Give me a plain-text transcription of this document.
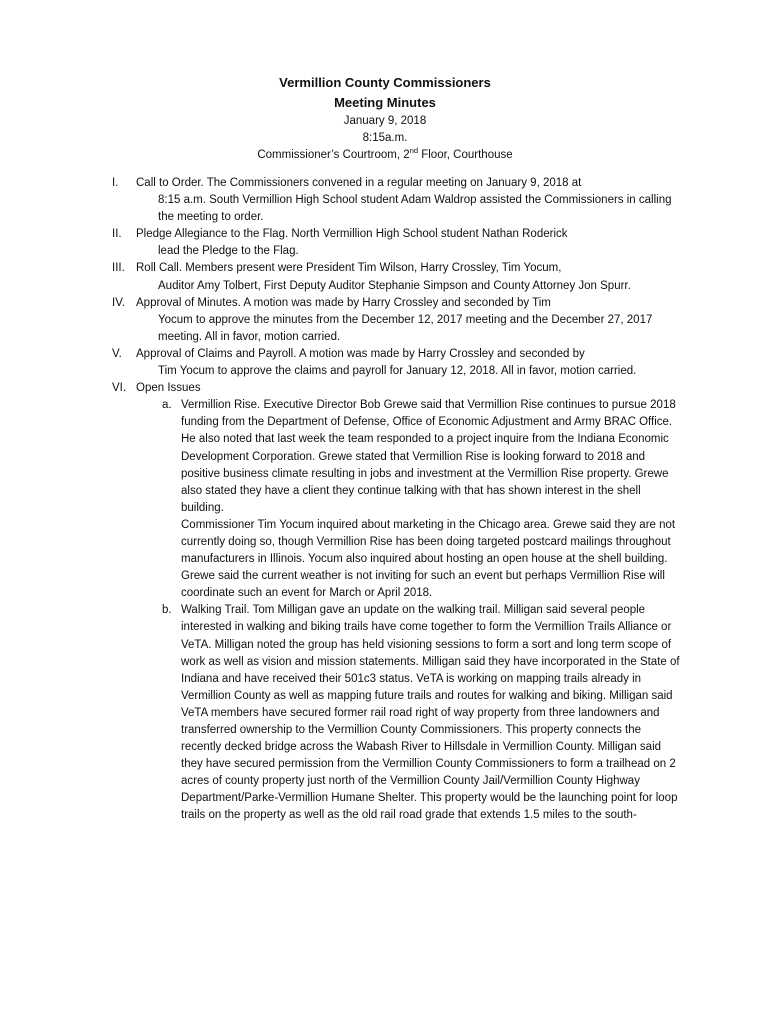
Vermillion County Commissioners
Meeting Minutes
January 9, 2018
8:15a.m.
Commissioner’s Courtroom, 2nd Floor, Courthouse
I. Call to Order. The Commissioners convened in a regular meeting on January 9, 2018 at
8:15 a.m. South Vermillion High School student Adam Waldrop assisted the Commissioners in calling the meeting to order.
II. Pledge Allegiance to the Flag. North Vermillion High School student Nathan Roderick
lead the Pledge to the Flag.
III. Roll Call. Members present were President Tim Wilson, Harry Crossley, Tim Yocum,
Auditor Amy Tolbert, First Deputy Auditor Stephanie Simpson and County Attorney Jon Spurr.
IV. Approval of Minutes. A motion was made by Harry Crossley and seconded by Tim
Yocum to approve the minutes from the December 12, 2017 meeting and the December 27, 2017 meeting. All in favor, motion carried.
V. Approval of Claims and Payroll. A motion was made by Harry Crossley and seconded by
Tim Yocum to approve the claims and payroll for January 12, 2018. All in favor, motion carried.
VI. Open Issues
a. Vermillion Rise. Executive Director Bob Grewe said that Vermillion Rise continues to pursue 2018 funding from the Department of Defense, Office of Economic Adjustment and Army BRAC Office. He also noted that last week the team responded to a project inquire from the Indiana Economic Development Corporation. Grewe stated that Vermillion Rise is looking forward to 2018 and positive business climate resulting in jobs and investment at the Vermillion Rise property. Grewe also stated they have a client they continue talking with that has shown interest in the shell building.
Commissioner Tim Yocum inquired about marketing in the Chicago area. Grewe said they are not currently doing so, though Vermillion Rise has been doing targeted postcard mailings throughout manufacturers in Illinois. Yocum also inquired about hosting an open house at the shell building. Grewe said the current weather is not inviting for such an event but perhaps Vermillion Rise will coordinate such an event for March or April 2018.
b. Walking Trail. Tom Milligan gave an update on the walking trail. Milligan said several people interested in walking and biking trails have come together to form the Vermillion Trails Alliance or VeTA. Milligan noted the group has held visioning sessions to form a sort and long term scope of work as well as vision and mission statements. Milligan said they have incorporated in the State of Indiana and have received their 501c3 status. VeTA is working on mapping trails already in Vermillion County as well as mapping future trails and routes for walking and biking. Milligan said VeTA members have secured former rail road right of way property from three landowners and transferred ownership to the Vermillion County Commissioners. This property connects the recently decked bridge across the Wabash River to Hillsdale in Vermillion County. Milligan said they have secured permission from the Vermillion County Commissioners to form a trailhead on 2 acres of county property just north of the Vermillion County Jail/Vermillion County Highway Department/Parke-Vermillion Humane Shelter. This property would be the launching point for loop trails on the property as well as the old rail road grade that extends 1.5 miles to the south-
